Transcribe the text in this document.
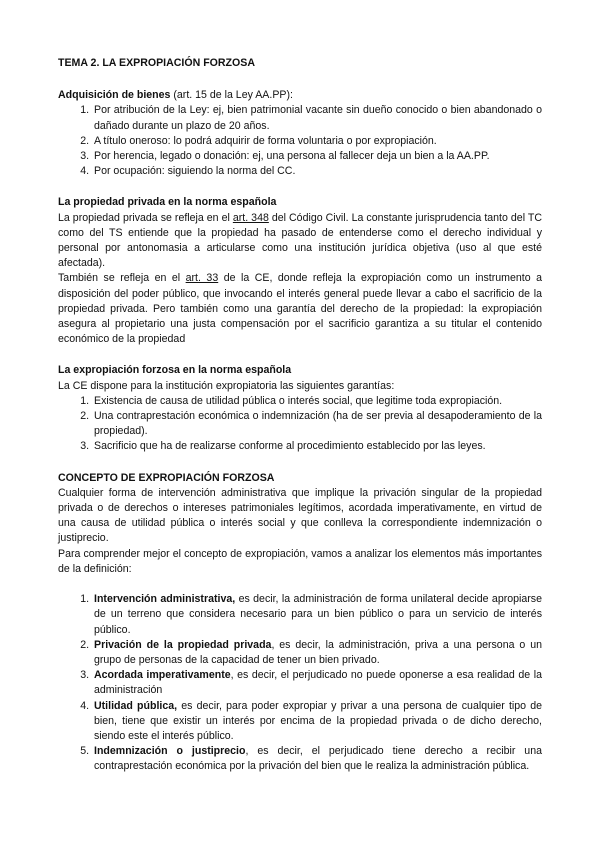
TEMA 2. LA EXPROPIACIÓN FORZOSA

Adquisición de bienes (art. 15 de la Ley AA.PP):

1. Por atribución de la Ley: ej, bien patrimonial vacante sin dueño conocido o bien abandonado o dañado durante un plazo de 20 años.
2. A título oneroso: lo podrá adquirir de forma voluntaria o por expropiación.
3. Por herencia, legado o donación: ej, una persona al fallecer deja un bien a la AA.PP.
4. Por ocupación: siguiendo la norma del CC.

La propiedad privada en la norma española

La propiedad privada se refleja en el art. 348 del Código Civil. La constante jurisprudencia tanto del TC como del TS entiende que la propiedad ha pasado de entenderse como el derecho individual y personal por antonomasia a articularse como una institución jurídica objetiva (uso al que esté afectada).

También se refleja en el art. 33 de la CE, donde refleja la expropiación como un instrumento a disposición del poder público, que invocando el interés general puede llevar a cabo el sacrificio de la propiedad privada. Pero también como una garantía del derecho de la propiedad: la expropiación asegura al propietario una justa compensación por el sacrificio garantiza a su titular el contenido económico de la propiedad

La expropiación forzosa en la norma española

La CE dispone para la institución expropiatoria las siguientes garantías:

1. Existencia de causa de utilidad pública o interés social, que legitime toda expropiación.
2. Una contraprestación económica o indemnización (ha de ser previa al desapoderamiento de la propiedad).
3. Sacrificio que ha de realizarse conforme al procedimiento establecido por las leyes.

CONCEPTO DE EXPROPIACIÓN FORZOSA

Cualquier forma de intervención administrativa que implique la privación singular de la propiedad privada o de derechos o intereses patrimoniales legítimos, acordada imperativamente, en virtud de una causa de utilidad pública o interés social y que conlleva la correspondiente indemnización o justiprecio.

Para comprender mejor el concepto de expropiación, vamos a analizar los elementos más importantes de la definición:

1. Intervención administrativa, es decir, la administración de forma unilateral decide apropiarse de un terreno que considera necesario para un bien público o para un servicio de interés público.
2. Privación de la propiedad privada, es decir, la administración, priva a una persona o un grupo de personas de la capacidad de tener un bien privado.
3. Acordada imperativamente, es decir, el perjudicado no puede oponerse a esa realidad de la administración
4. Utilidad pública, es decir, para poder expropiar y privar a una persona de cualquier tipo de bien, tiene que existir un interés por encima de la propiedad privada o de dicho derecho, siendo este el interés público.
5. Indemnización o justiprecio, es decir, el perjudicado tiene derecho a recibir una contraprestación económica por la privación del bien que le realiza la administración pública.
